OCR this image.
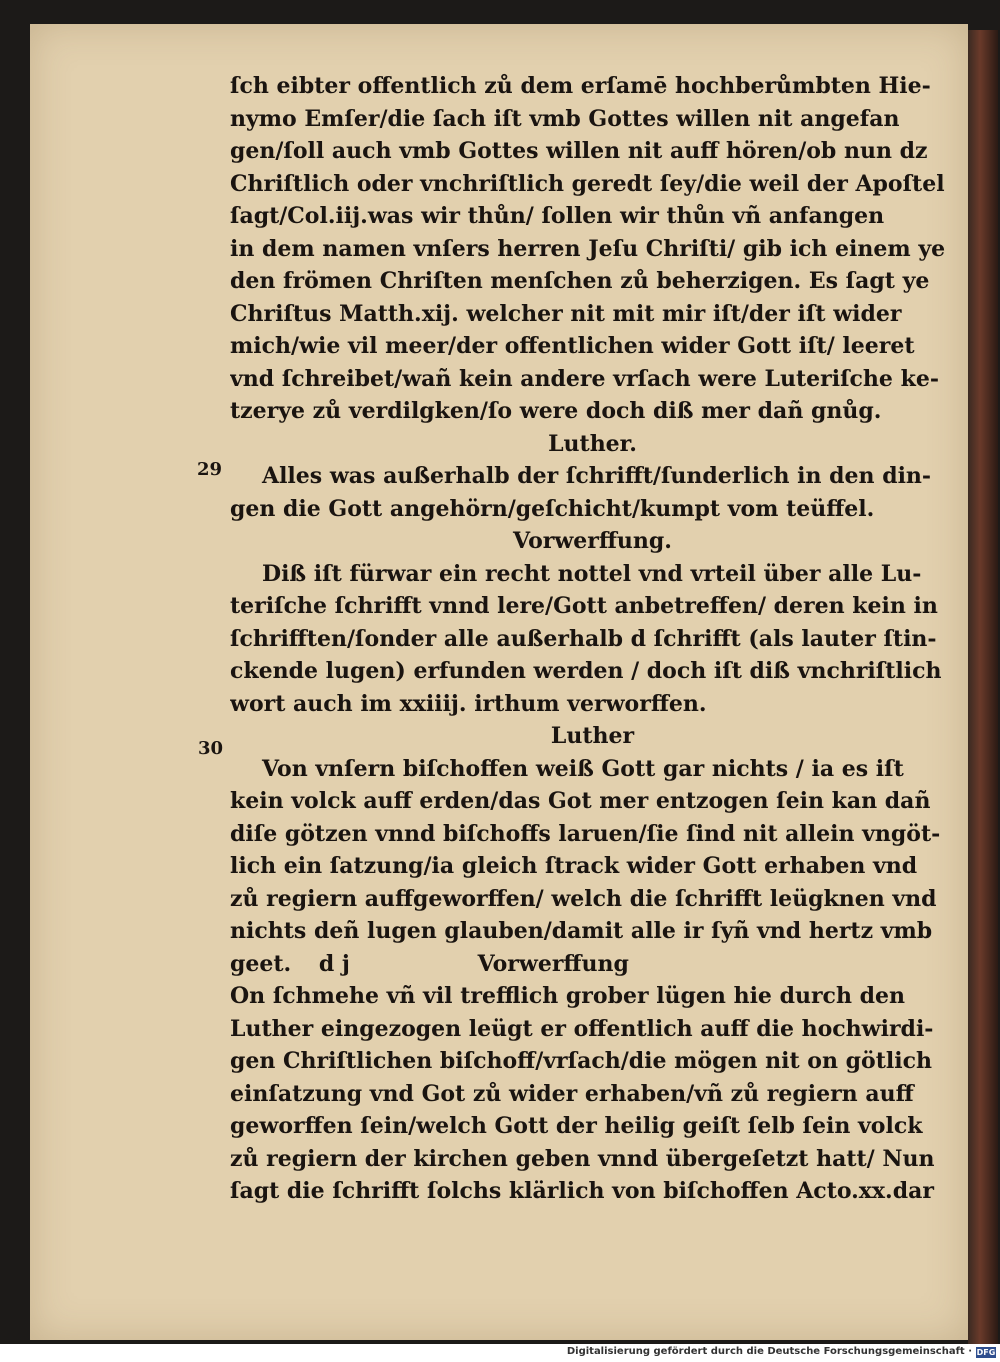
29
30
ſch eibter offentlich zů dem erſamē hochberůmbten Hie-
nymo Emſer/die ſach iſt vmb Gottes willen nit angefan
gen/ſoll auch vmb Gottes willen nit auff hören/ob nun dz
Chriſtlich oder vnchriſtlich geredt ſey/die weil der Apoſtel
ſagt/Col.iij.was wir thůn/ ſollen wir thůn vñ anfangen
in dem namen vnſers herren Jeſu Chriſti/ gib ich einem ye
den frömen Chriſten menſchen zů beherzigen. Es ſagt ye
Chriſtus Matth.xij. welcher nit mit mir iſt/der iſt wider
mich/wie vil meer/der offentlichen wider Gott iſt/ leeret
vnd ſchreibet/wañ kein andere vrſach were Luteriſche ke-
tzerye zů verdilgken/ſo were doch diß mer dañ gnůg.
Luther.
Alles was außerhalb der ſchrifft/ſunderlich in den din-
gen die Gott angehörn/geſchicht/kumpt vom teüffel.
Vorwerffung.
Diß iſt fürwar ein recht nottel vnd vrteil über alle Lu-
teriſche ſchrifft vnnd lere/Gott anbetreffen/ deren kein in
ſchrifften/ſonder alle außerhalb d ſchrifft (als lauter ſtin-
ckende lugen) erfunden werden / doch iſt diß vnchriſtlich
wort auch im xxiiij. irthum verworffen.
Luther
Von vnſern biſchoffen weiß Gott gar nichts / ia es iſt
kein volck auff erden/das Got mer entzogen ſein kan dañ
diſe götzen vnnd biſchoffs laruen/ſie ſind nit allein vngöt-
lich ein ſatzung/ia gleich ſtrack wider Gott erhaben vnd
zů regiern auffgeworffen/ welch die ſchrifft leügknen vnd
nichts deñ lugen glauben/damit alle ir ſyñ vnd hertz vmb
geet. d j	Vorwerffung
On ſchmehe vñ vil trefflich grober lügen hie durch den
Luther eingezogen leügt er offentlich auff die hochwirdi-
gen Chriſtlichen biſchoff/vrſach/die mögen nit on götlich
einſatzung vnd Got zů wider erhaben/vñ zů regiern auff
geworffen ſein/welch Gott der heilig geiſt ſelb ſein volck
zů regiern der kirchen geben vnnd übergeſetzt hatt/ Nun
ſagt die ſchrifft ſolchs klärlich von biſchoffen Acto.xx.dar
Digitalisierung gefördert durch die Deutsche Forschungsgemeinschaft · DFG
